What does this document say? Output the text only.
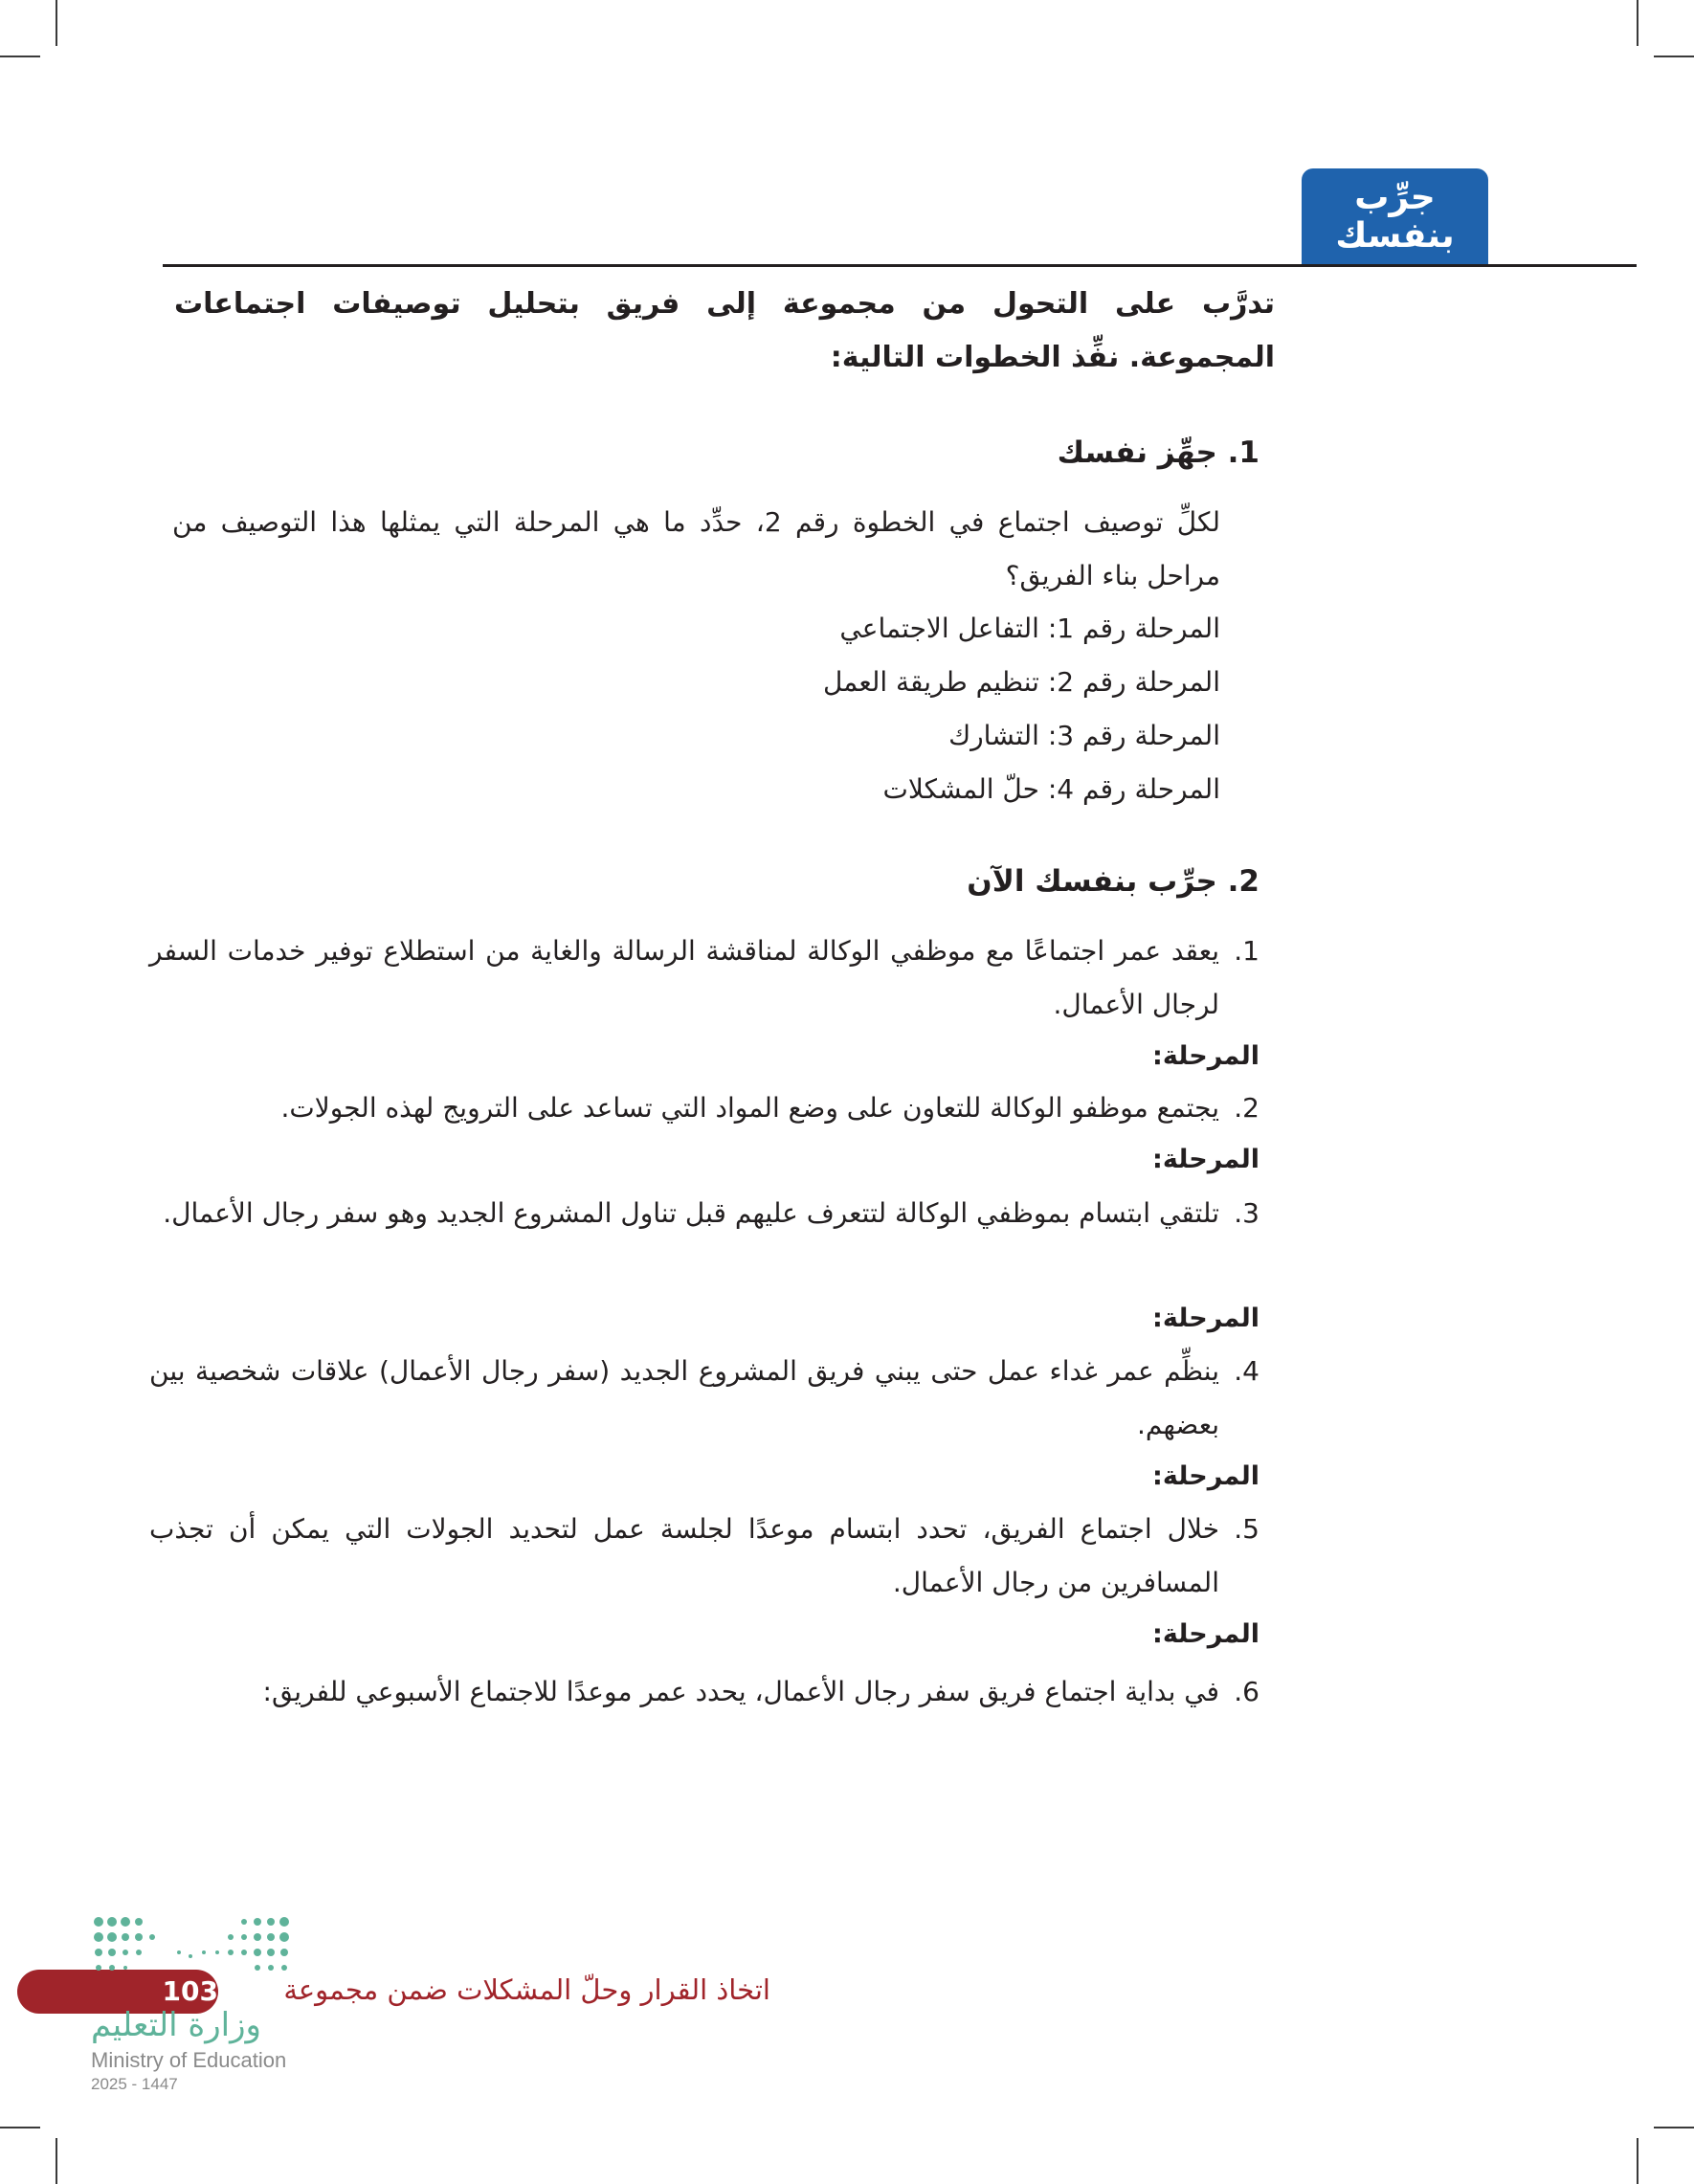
جرِّب
بنفسك
تدرَّب على التحول من مجموعة إلى فريق بتحليل توصيفات اجتماعات المجموعة. نفِّذ الخطوات التالية:
1. جهِّز نفسك
لكلِّ توصيف اجتماع في الخطوة رقم 2، حدِّد ما هي المرحلة التي يمثلها هذا التوصيف من مراحل بناء الفريق؟
المرحلة رقم 1: التفاعل الاجتماعي
المرحلة رقم 2: تنظيم طريقة العمل
المرحلة رقم 3: التشارك
المرحلة رقم 4: حلّ المشكلات
2. جرِّب بنفسك الآن
1.
يعقد عمر اجتماعًا مع موظفي الوكالة لمناقشة الرسالة والغاية من استطلاع توفير خدمات السفر لرجال الأعمال.
المرحلة:
2.
يجتمع موظفو الوكالة للتعاون على وضع المواد التي تساعد على الترويج لهذه الجولات.
المرحلة:
3.
تلتقي ابتسام بموظفي الوكالة لتتعرف عليهم قبل تناول المشروع الجديد وهو سفر رجال الأعمال.
المرحلة:
4.
ينظِّم عمر غداء عمل حتى يبني فريق المشروع الجديد (سفر رجال الأعمال) علاقات شخصية بين بعضهم.
المرحلة:
5.
خلال اجتماع الفريق، تحدد ابتسام موعدًا لجلسة عمل لتحديد الجولات التي يمكن أن تجذب المسافرين من رجال الأعمال.
المرحلة:
6.
في بداية اجتماع فريق سفر رجال الأعمال، يحدد عمر موعدًا للاجتماع الأسبوعي للفريق:
103 اتخاذ القرار وحلّ المشكلات ضمن مجموعة
وزارة التعليم
Ministry of Education
2025 - 1447
